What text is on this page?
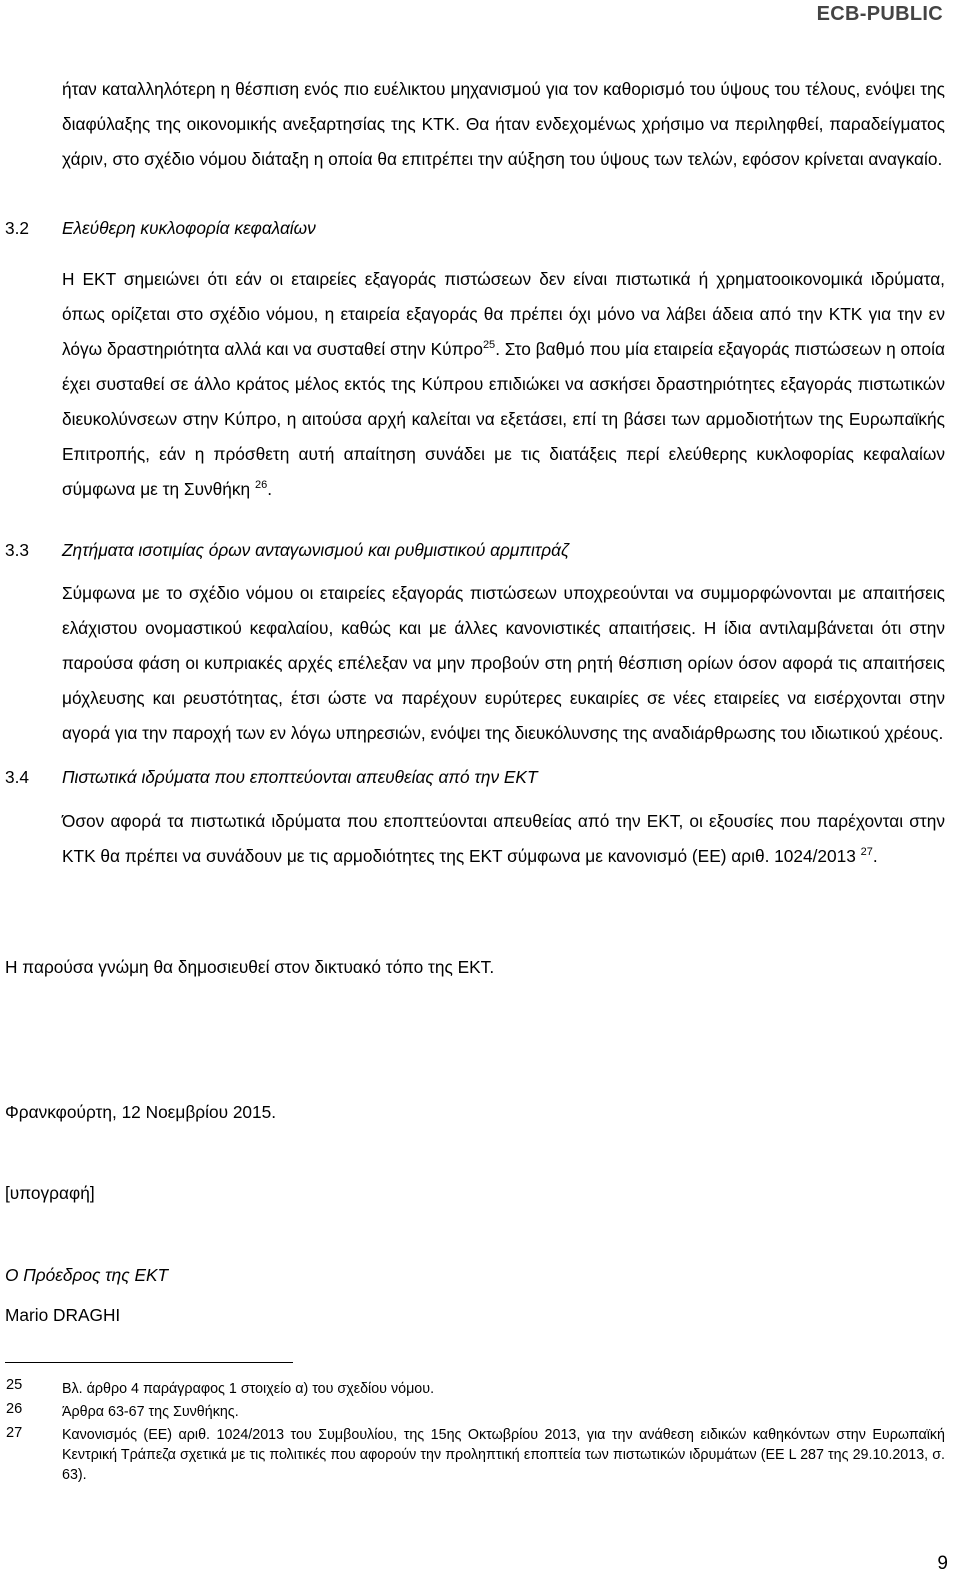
ECB-PUBLIC

ήταν καταλληλότερη η θέσπιση ενός πιο ευέλικτου μηχανισμού για τον καθορισμό του ύψους του τέλους, ενόψει της διαφύλαξης της οικονομικής ανεξαρτησίας της ΚΤΚ. Θα ήταν ενδεχομένως χρήσιμο να περιληφθεί, παραδείγματος χάριν, στο σχέδιο νόμου διάταξη η οποία θα επιτρέπει την αύξηση του ύψους των τελών, εφόσον κρίνεται αναγκαίο.

3.2 Ελεύθερη κυκλοφορία κεφαλαίων

Η ΕΚΤ σημειώνει ότι εάν οι εταιρείες εξαγοράς πιστώσεων δεν είναι πιστωτικά ή χρηματοοικονομικά ιδρύματα, όπως ορίζεται στο σχέδιο νόμου, η εταιρεία εξαγοράς θα πρέπει όχι μόνο να λάβει άδεια από την ΚΤΚ για την εν λόγω δραστηριότητα αλλά και να συσταθεί στην Κύπρο$^{25}$. Στο βαθμό που μία εταιρεία εξαγοράς πιστώσεων η οποία έχει συσταθεί σε άλλο κράτος μέλος εκτός της Κύπρου επιδιώκει να ασκήσει δραστηριότητες εξαγοράς πιστωτικών διευκολύνσεων στην Κύπρο, η αιτούσα αρχή καλείται να εξετάσει, επί τη βάσει των αρμοδιοτήτων της Ευρωπαϊκής Επιτροπής, εάν η πρόσθετη αυτή απαίτηση συνάδει με τις διατάξεις περί ελεύθερης κυκλοφορίας κεφαλαίων σύμφωνα με τη Συνθήκη $^{26}$.

3.3 Ζητήματα ισοτιμίας όρων ανταγωνισμού και ρυθμιστικού αρμπιτράζ

Σύμφωνα με το σχέδιο νόμου οι εταιρείες εξαγοράς πιστώσεων υποχρεούνται να συμμορφώνονται με απαιτήσεις ελάχιστου ονομαστικού κεφαλαίου, καθώς και με άλλες κανονιστικές απαιτήσεις. Η ίδια αντιλαμβάνεται ότι στην παρούσα φάση οι κυπριακές αρχές επέλεξαν να μην προβούν στη ρητή θέσπιση ορίων όσον αφορά τις απαιτήσεις μόχλευσης και ρευστότητας, έτσι ώστε να παρέχουν ευρύτερες ευκαιρίες σε νέες εταιρείες να εισέρχονται στην αγορά για την παροχή των εν λόγω υπηρεσιών, ενόψει της διευκόλυνσης της αναδιάρθρωσης του ιδιωτικού χρέους.

3.4 Πιστωτικά ιδρύματα που εποπτεύονται απευθείας από την ΕΚΤ

Όσον αφορά τα πιστωτικά ιδρύματα που εποπτεύονται απευθείας από την ΕΚΤ, οι εξουσίες που παρέχονται στην ΚΤΚ θα πρέπει να συνάδουν με τις αρμοδιότητες της ΕΚΤ σύμφωνα με κανονισμό (ΕΕ) αριθ. 1024/2013 $^{27}$.

Η παρούσα γνώμη θα δημοσιευθεί στον δικτυακό τόπο της ΕΚΤ.
Φρανκφούρτη, 12 Νοεμβρίου 2015.
[υπογραφή]
Ο Πρόεδρος της ΕΚΤ
Mario DRAGHI
25
26
27

Βλ. άρθρο 4 παράγραφος 1 στοιχείο α) του σχεδίου νόμου.

Άρθρα 63-67 της Συνθήκης.

Κανονισμός (ΕΕ) αριθ. 1024/2013 του Συμβουλίου, της 15ης Οκτωβρίου 2013, για την ανάθεση ειδικών καθηκόντων στην Ευρωπαϊκή Κεντρική Τράπεζα σχετικά με τις πολιτικές που αφορούν την προληπτική εποπτεία των πιστωτικών ιδρυμάτων (ΕΕ L 287 της 29.10.2013, σ. 63).

9
